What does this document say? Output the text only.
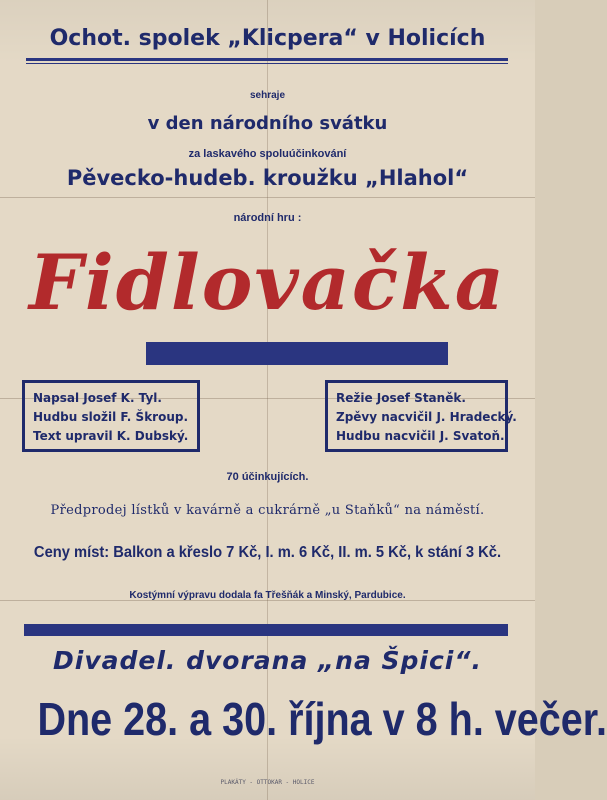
Ochot. spolek „Klicpera“ v Holicích
sehraje
v den národního svátku
za laskavého spoluúčinkování
Pěvecko-hudeb. kroužku „Hlahol“
národní hru :
Fidlovačka
Napsal Josef K. Tyl.
Hudbu složil F. Škroup.
Text upravil K. Dubský.
Režie Josef Staněk.
Zpěvy nacvičil J. Hradecký.
Hudbu nacvičil J. Svatoň.
70 účinkujících.
Předprodej lístků v kavárně a cukrárně „u Staňků“ na náměstí.
Ceny míst: Balkon a křeslo 7 Kč, I. m. 6 Kč, II. m. 5 Kč, k stání 3 Kč.
Kostýmní výpravu dodala fa Třešňák a Minský, Pardubice.
Divadel. dvorana „na Špici“.
Dne 28. a 30. října v 8 h. večer.
PLAKÁTY - OTTOKAR - HOLICE
